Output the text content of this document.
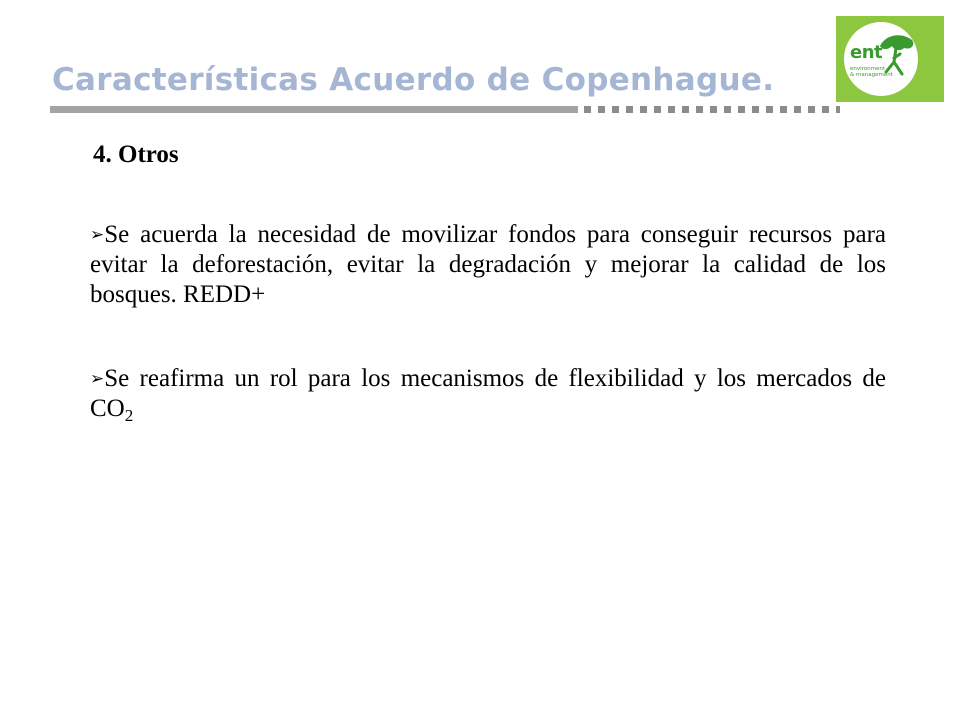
Características Acuerdo de Copenhague.
ent
environment
& management
4. Otros

➢Se acuerda la necesidad de movilizar fondos para conseguir recursos para evitar la deforestación, evitar la degradación y mejorar la calidad de los bosques. REDD+

➢Se reafirma un rol para los mecanismos de flexibilidad y los mercados de $CO_2$
